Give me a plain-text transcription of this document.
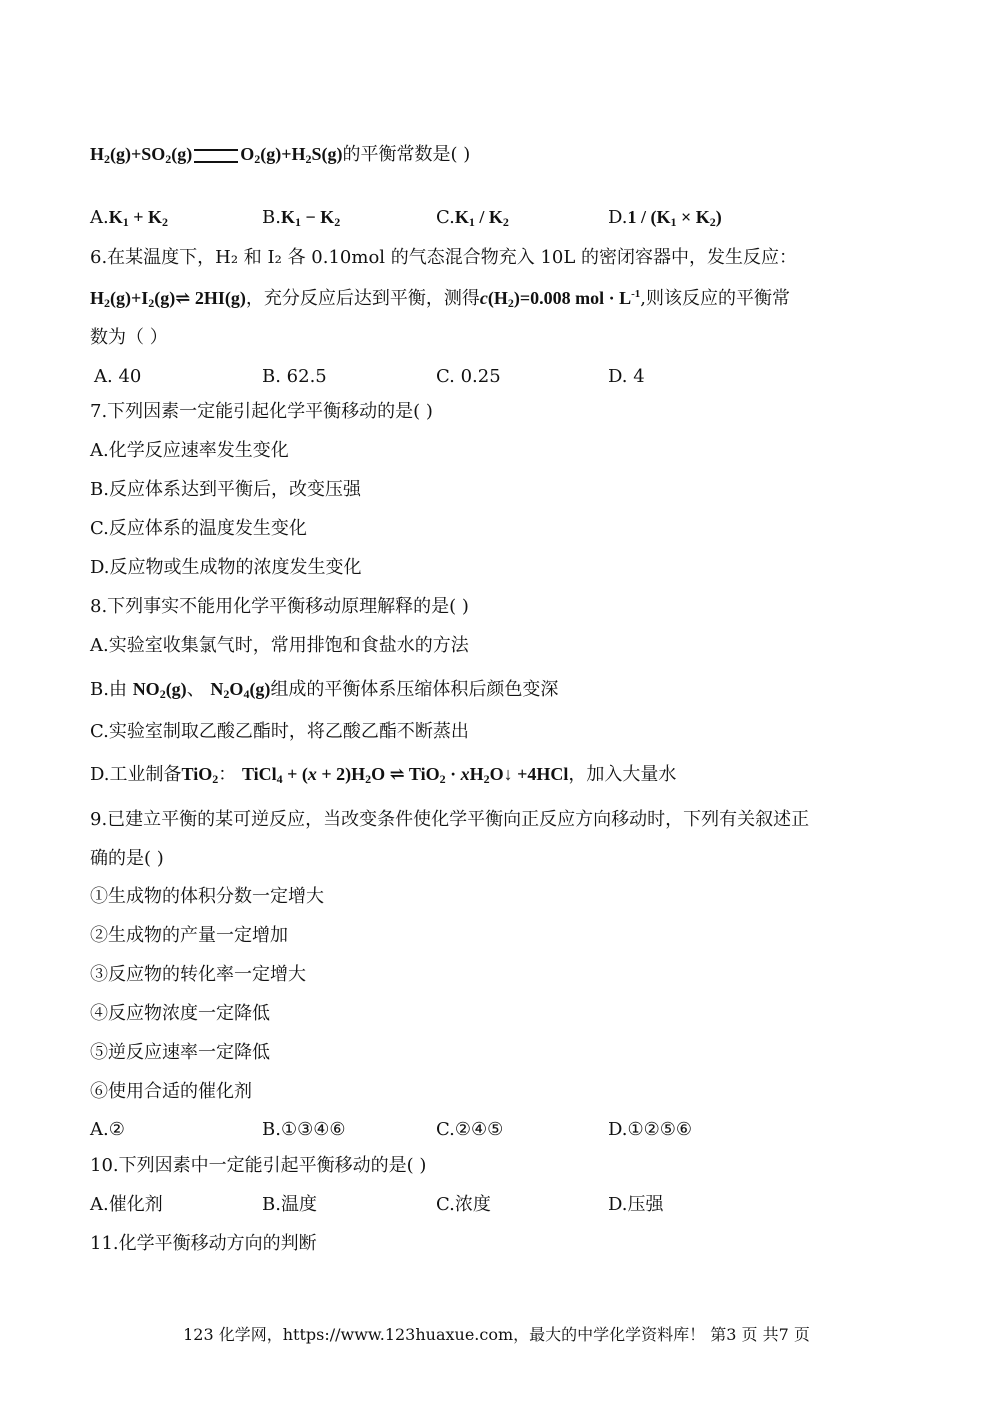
$H_2(g)+SO_2(g)$	$O_2(g)+H_2S(g)$的平衡常数是( )
$A.K_1 + K_2$	$B.K_1 - K_2$	$C.K_1 / K_2$	$D.1 / (K_1 \times K_2)$
6.在某温度下，H₂ 和 I₂ 各 0.10mol 的气态混合物充入 10L 的密闭容器中，发生反应：
$H_2(g)+I_2(g)\rightleftharpoons$ 2HI(g)，充分反应后达到平衡，测得$c(H_2)=0.008$ mol · $L^{-1}$,则该反应的平衡常
数为（ ）
A. 40	B. 62.5	C. 0.25	D. 4
7.下列因素一定能引起化学平衡移动的是( )
A.化学反应速率发生变化
B.反应体系达到平衡后，改变压强
C.反应体系的温度发生变化
D.反应物或生成物的浓度发生变化
8.下列事实不能用化学平衡移动原理解释的是( )
A.实验室收集氯气时，常用排饱和食盐水的方法
B.由 $NO_2(g)$、 $N_2O_4(g)$组成的平衡体系压缩体积后颜色变深
C.实验室制取乙酸乙酯时，将乙酸乙酯不断蒸出
D.工业制备TiO$_2$： TiCl$_4$ + $(x + 2)H_2O$ ⇌ $TiO_2 \cdot xH_2O↓ +4HCl$，加入大量水
9.已建立平衡的某可逆反应，当改变条件使化学平衡向正反应方向移动时，下列有关叙述正
确的是( )
①生成物的体积分数一定增大
②生成物的产量一定增加
③反应物的转化率一定增大
④反应物浓度一定降低
⑤逆反应速率一定降低
⑥使用合适的催化剂
A.②	B.①③④⑥	C.②④⑤	D.①②⑤⑥
10.下列因素中一定能引起平衡移动的是( )
A.催化剂	B.温度	C.浓度	D.压强
11.化学平衡移动方向的判断
123 化学网，https://www.123huaxue.com，最大的中学化学资料库！ 第3 页 共7 页
